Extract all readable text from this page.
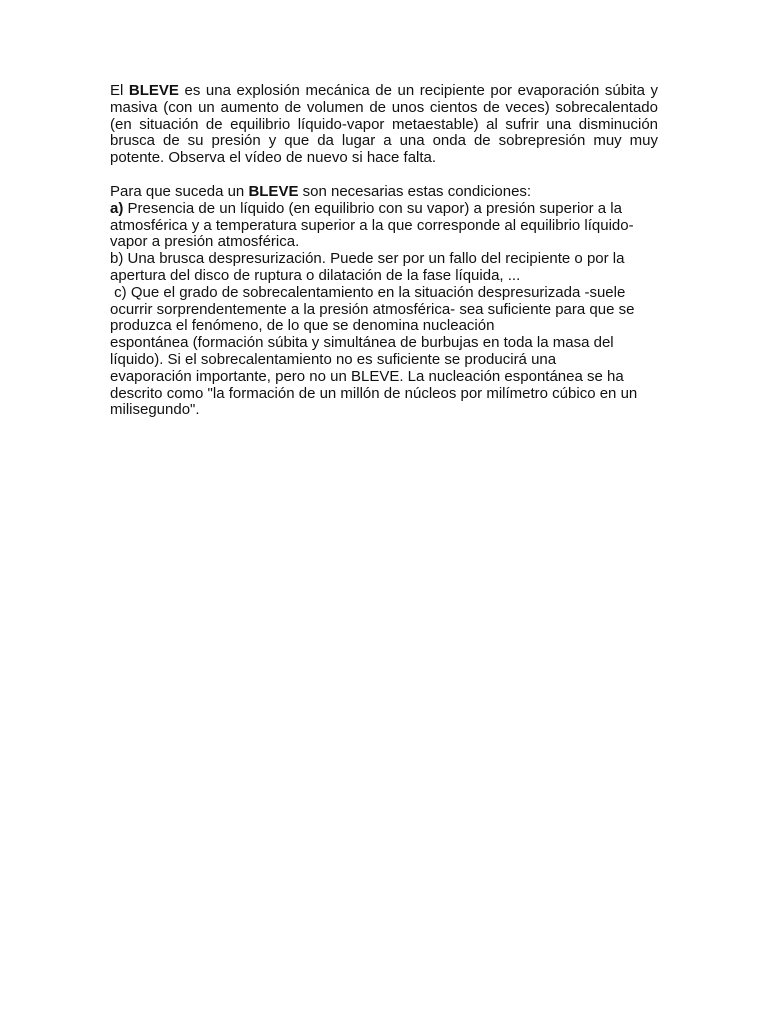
El BLEVE es una explosión mecánica de un recipiente por evaporación súbita y masiva (con un aumento de volumen de unos cientos de veces) sobrecalentado (en situación de equilibrio líquido-vapor metaestable) al sufrir una disminución brusca de su presión y que da lugar a una onda de sobrepresión muy muy potente. Observa el vídeo de nuevo si hace falta.

Para que suceda un BLEVE son necesarias estas condiciones:
a) Presencia de un líquido (en equilibrio con su vapor) a presión superior a la
atmosférica y a temperatura superior a la que corresponde al equilibrio líquido-
vapor a presión atmosférica.
b) Una brusca despresurización. Puede ser por un fallo del recipiente o por la
apertura del disco de ruptura o dilatación de la fase líquida, ...
c) Que el grado de sobrecalentamiento en la situación despresurizada -suele
ocurrir sorprendentemente a la presión atmosférica- sea suficiente para que se
produzca el fenómeno, de lo que se denomina nucleación
espontánea (formación súbita y simultánea de burbujas en toda la masa del
líquido). Si el sobrecalentamiento no es suficiente se producirá una
evaporación importante, pero no un BLEVE. La nucleación espontánea se ha
descrito como "la formación de un millón de núcleos por milímetro cúbico en un
milisegundo".
